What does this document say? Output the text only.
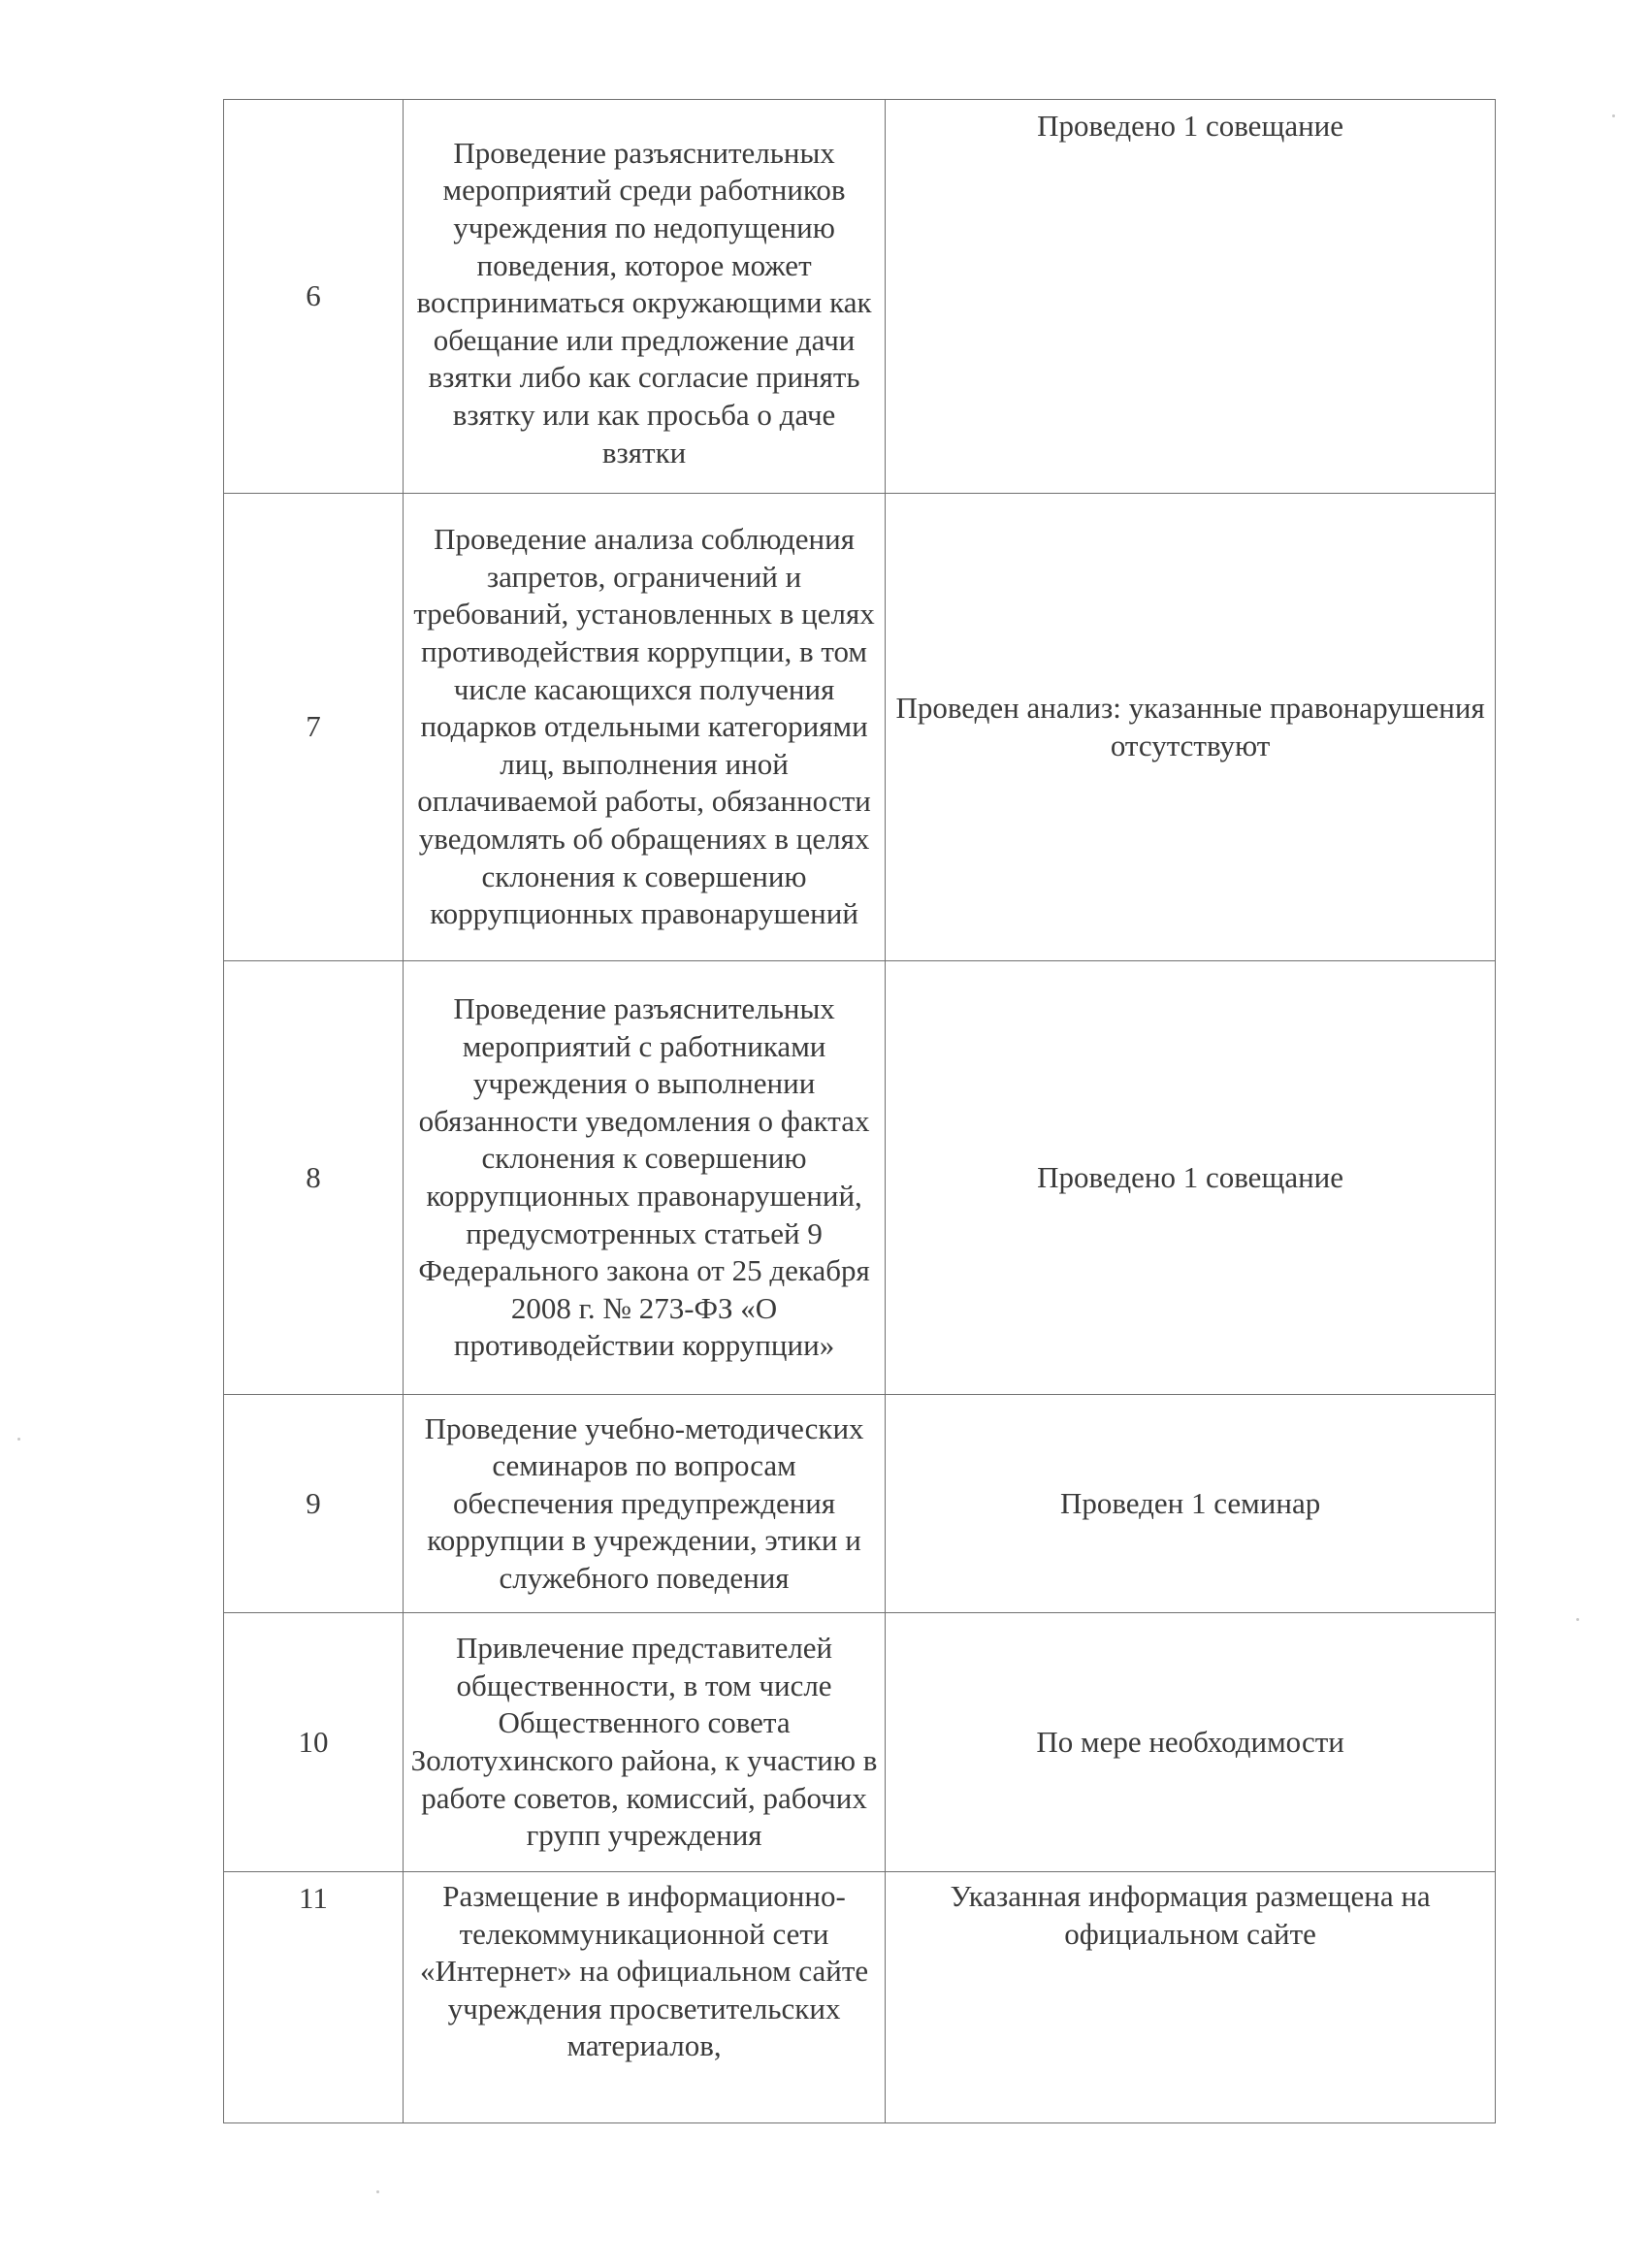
6	Проведение разъяснительных мероприятий среди работников учреждения по недопущению поведения, которое может восприниматься окружающими как обещание или предложение дачи взятки либо как согласие принять взятку или как просьба о даче взятки	Проведено 1 совещание
7	Проведение анализа соблюдения запретов, ограничений и требований, установленных в целях противодействия коррупции, в том числе касающихся получения подарков отдельными категориями лиц, выполнения иной оплачиваемой работы, обязанности уведомлять об обращениях в целях склонения к совершению коррупционных правонарушений	Проведен анализ: указанные правонарушения отсутствуют
8	Проведение разъяснительных мероприятий с работниками учреждения о выполнении обязанности уведомления о фактах склонения к совершению коррупционных правонарушений, предусмотренных статьей 9 Федерального закона от 25 декабря 2008 г. № 273-ФЗ «О противодействии коррупции»	Проведено 1 совещание
9	Проведение учебно-методических семинаров по вопросам обеспечения предупреждения коррупции в учреждении, этики и служебного поведения	Проведен 1 семинар
10	Привлечение представителей общественности, в том числе Общественного совета Золотухинского района, к участию в работе советов, комиссий, рабочих групп учреждения	По мере необходимости
11	Размещение в информационно-телекоммуникационной сети «Интернет» на официальном сайте учреждения просветительских материалов,	Указанная информация размещена на официальном сайте
